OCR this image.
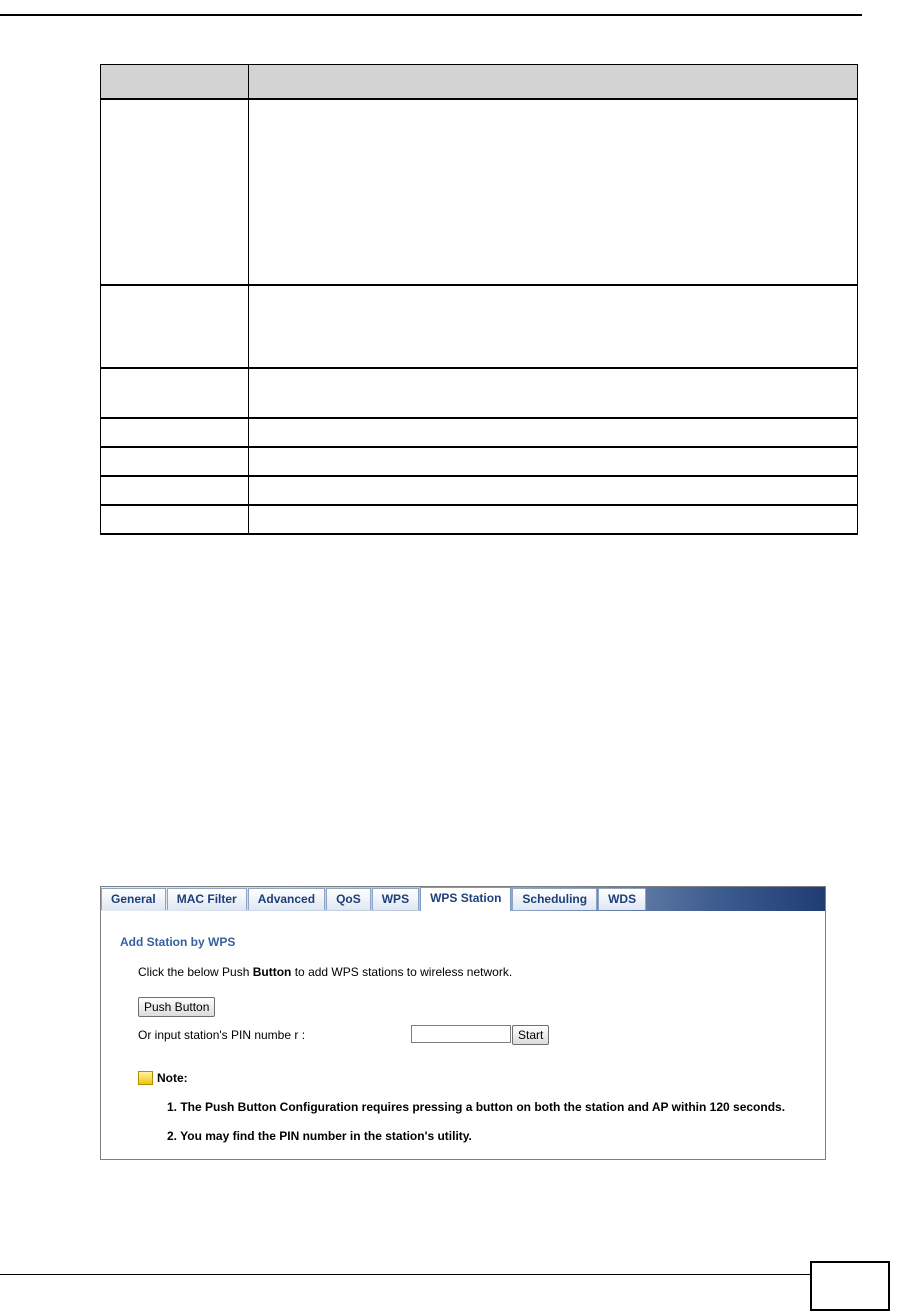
General	MAC Filter	Advanced	QoS	WPS	WPS Station	Scheduling	WDS
Add Station by WPS
Click the below Push Button to add WPS stations to wireless network.
Push Button
Or input station's PIN numbe r :	Start
Note:
1. The Push Button Configuration requires pressing a button on both the station and AP within 120 seconds.
2. You may find the PIN number in the station's utility.
